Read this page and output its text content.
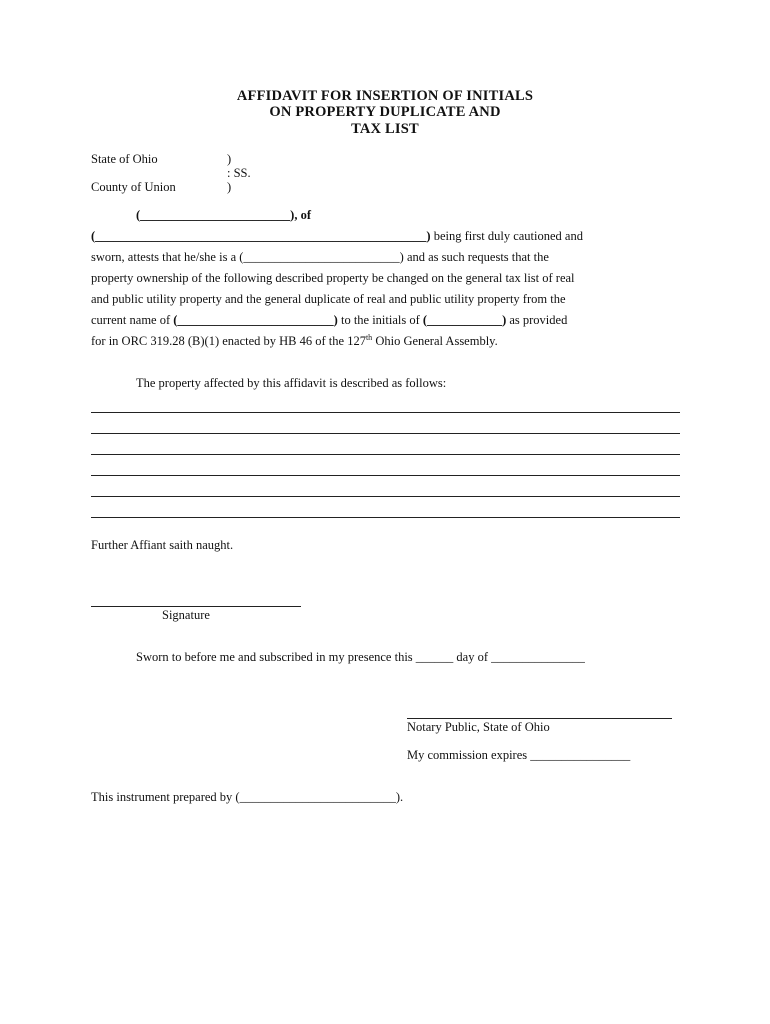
AFFIDAVIT FOR INSERTION OF INITIALS
ON PROPERTY DUPLICATE AND
TAX LIST
State of Ohio	)
: SS.
County of Union	)
(________________________), of
(_____________________________________________________) being first duly cautioned and
sworn, attests that he/she is a (_________________________) and as such requests that the
property ownership of the following described property be changed on the general tax list of real
and public utility property and the general duplicate of real and public utility property from the
current name of (_________________________) to the initials of (____________) as provided
for in ORC 319.28 (B)(1) enacted by HB 46 of the 127th Ohio General Assembly.
The property affected by this affidavit is described as follows:
Further Affiant saith naught.
Signature
Sworn to before me and subscribed in my presence this ______ day of _______________
Notary Public, State of Ohio
My commission expires ________________
This instrument prepared by (_________________________).
